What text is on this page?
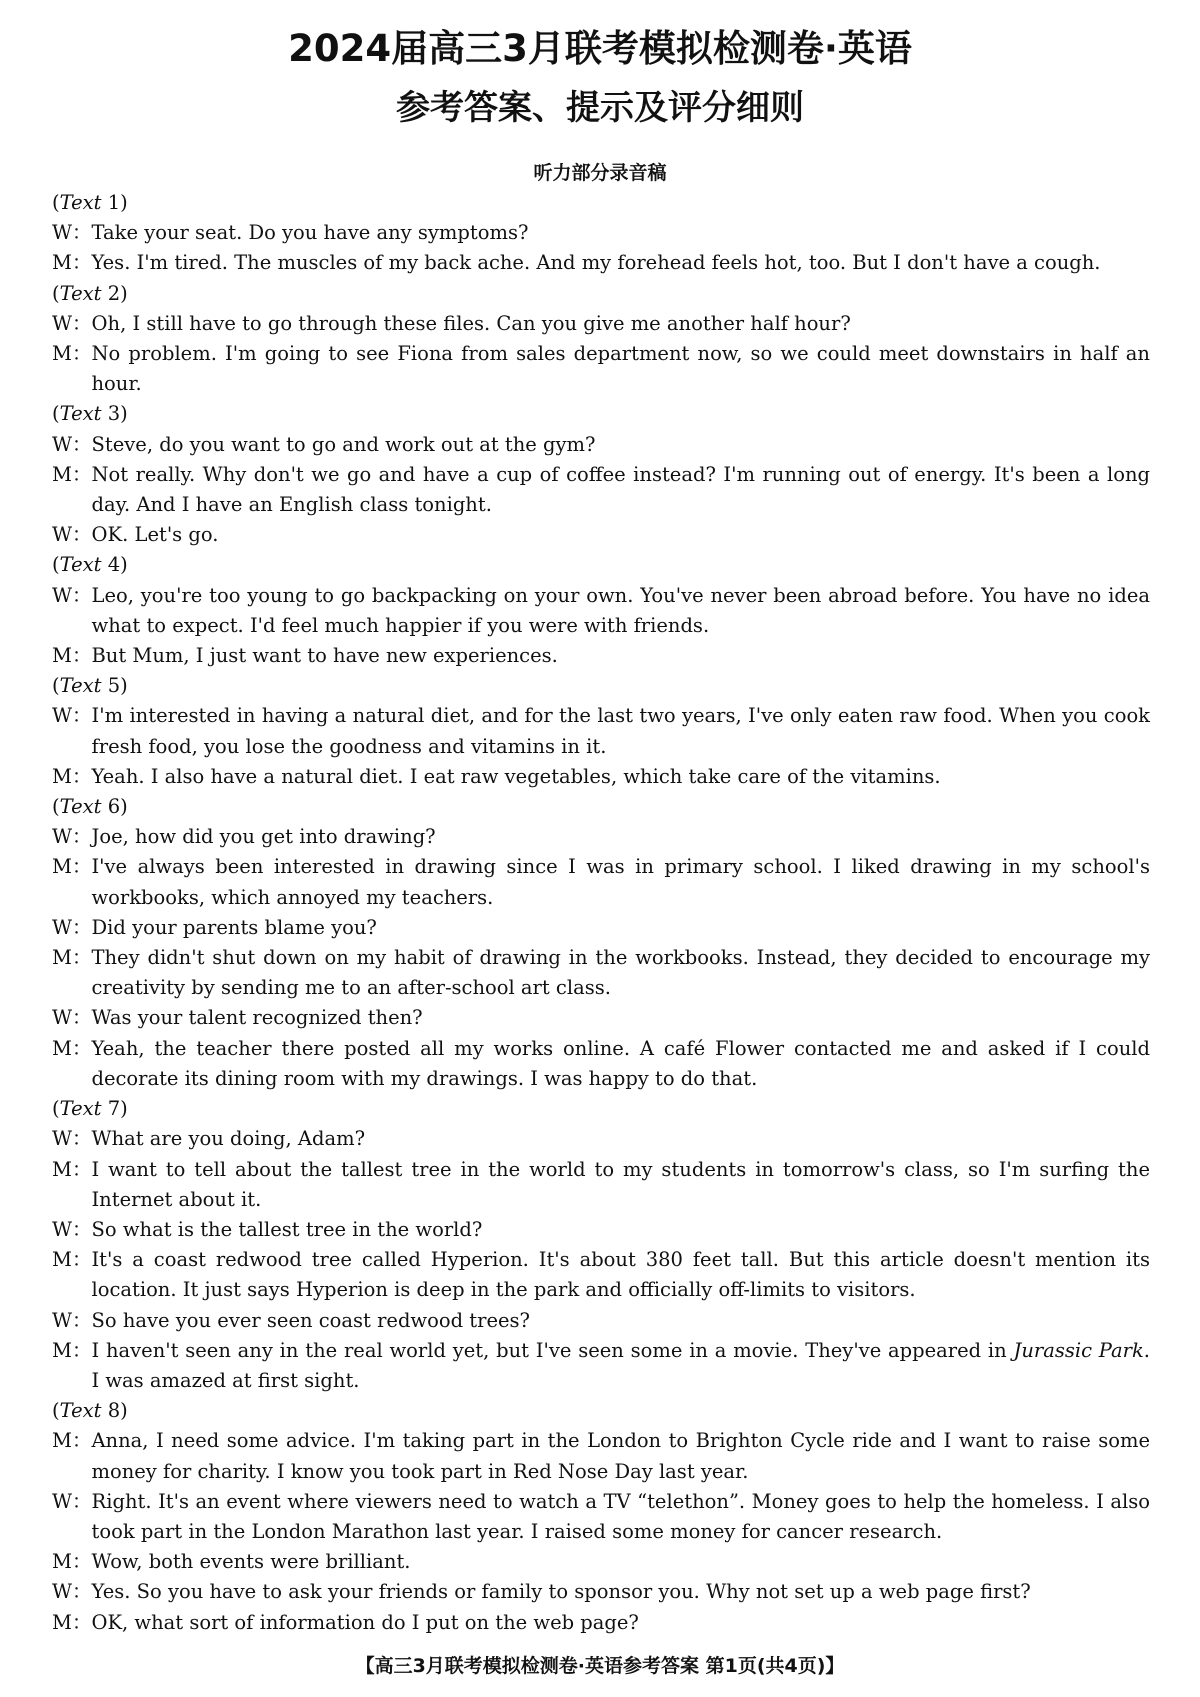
2024届高三3月联考模拟检测卷·英语
参考答案、提示及评分细则
听力部分录音稿
(Text 1)
W： Take your seat. Do you have any symptoms?
M： Yes. I'm tired. The muscles of my back ache. And my forehead feels hot, too. But I don't have a cough.
(Text 2)
W： Oh, I still have to go through these files. Can you give me another half hour?
M： No problem. I'm going to see Fiona from sales department now, so we could meet downstairs in half an hour.
(Text 3)
W： Steve, do you want to go and work out at the gym?
M： Not really. Why don't we go and have a cup of coffee instead? I'm running out of energy. It's been a long day. And I have an English class tonight.
W： OK. Let's go.
(Text 4)
W： Leo, you're too young to go backpacking on your own. You've never been abroad before. You have no idea what to expect. I'd feel much happier if you were with friends.
M： But Mum, I just want to have new experiences.
(Text 5)
W： I'm interested in having a natural diet, and for the last two years, I've only eaten raw food. When you cook fresh food, you lose the goodness and vitamins in it.
M： Yeah. I also have a natural diet. I eat raw vegetables, which take care of the vitamins.
(Text 6)
W： Joe, how did you get into drawing?
M： I've always been interested in drawing since I was in primary school. I liked drawing in my school's workbooks, which annoyed my teachers.
W： Did your parents blame you?
M： They didn't shut down on my habit of drawing in the workbooks. Instead, they decided to encourage my creativity by sending me to an after-school art class.
W： Was your talent recognized then?
M： Yeah, the teacher there posted all my works online. A café Flower contacted me and asked if I could decorate its dining room with my drawings. I was happy to do that.
(Text 7)
W： What are you doing, Adam?
M： I want to tell about the tallest tree in the world to my students in tomorrow's class, so I'm surfing the Internet about it.
W： So what is the tallest tree in the world?
M： It's a coast redwood tree called Hyperion. It's about 380 feet tall. But this article doesn't mention its location. It just says Hyperion is deep in the park and officially off-limits to visitors.
W： So have you ever seen coast redwood trees?
M： I haven't seen any in the real world yet, but I've seen some in a movie. They've appeared in Jurassic Park. I was amazed at first sight.
(Text 8)
M： Anna, I need some advice. I'm taking part in the London to Brighton Cycle ride and I want to raise some money for charity. I know you took part in Red Nose Day last year.
W： Right. It's an event where viewers need to watch a TV “telethon”. Money goes to help the homeless. I also took part in the London Marathon last year. I raised some money for cancer research.
M： Wow, both events were brilliant.
W： Yes. So you have to ask your friends or family to sponsor you. Why not set up a web page first?
M： OK, what sort of information do I put on the web page?
【高三3月联考模拟检测卷·英语参考答案 第1页(共4页)】
